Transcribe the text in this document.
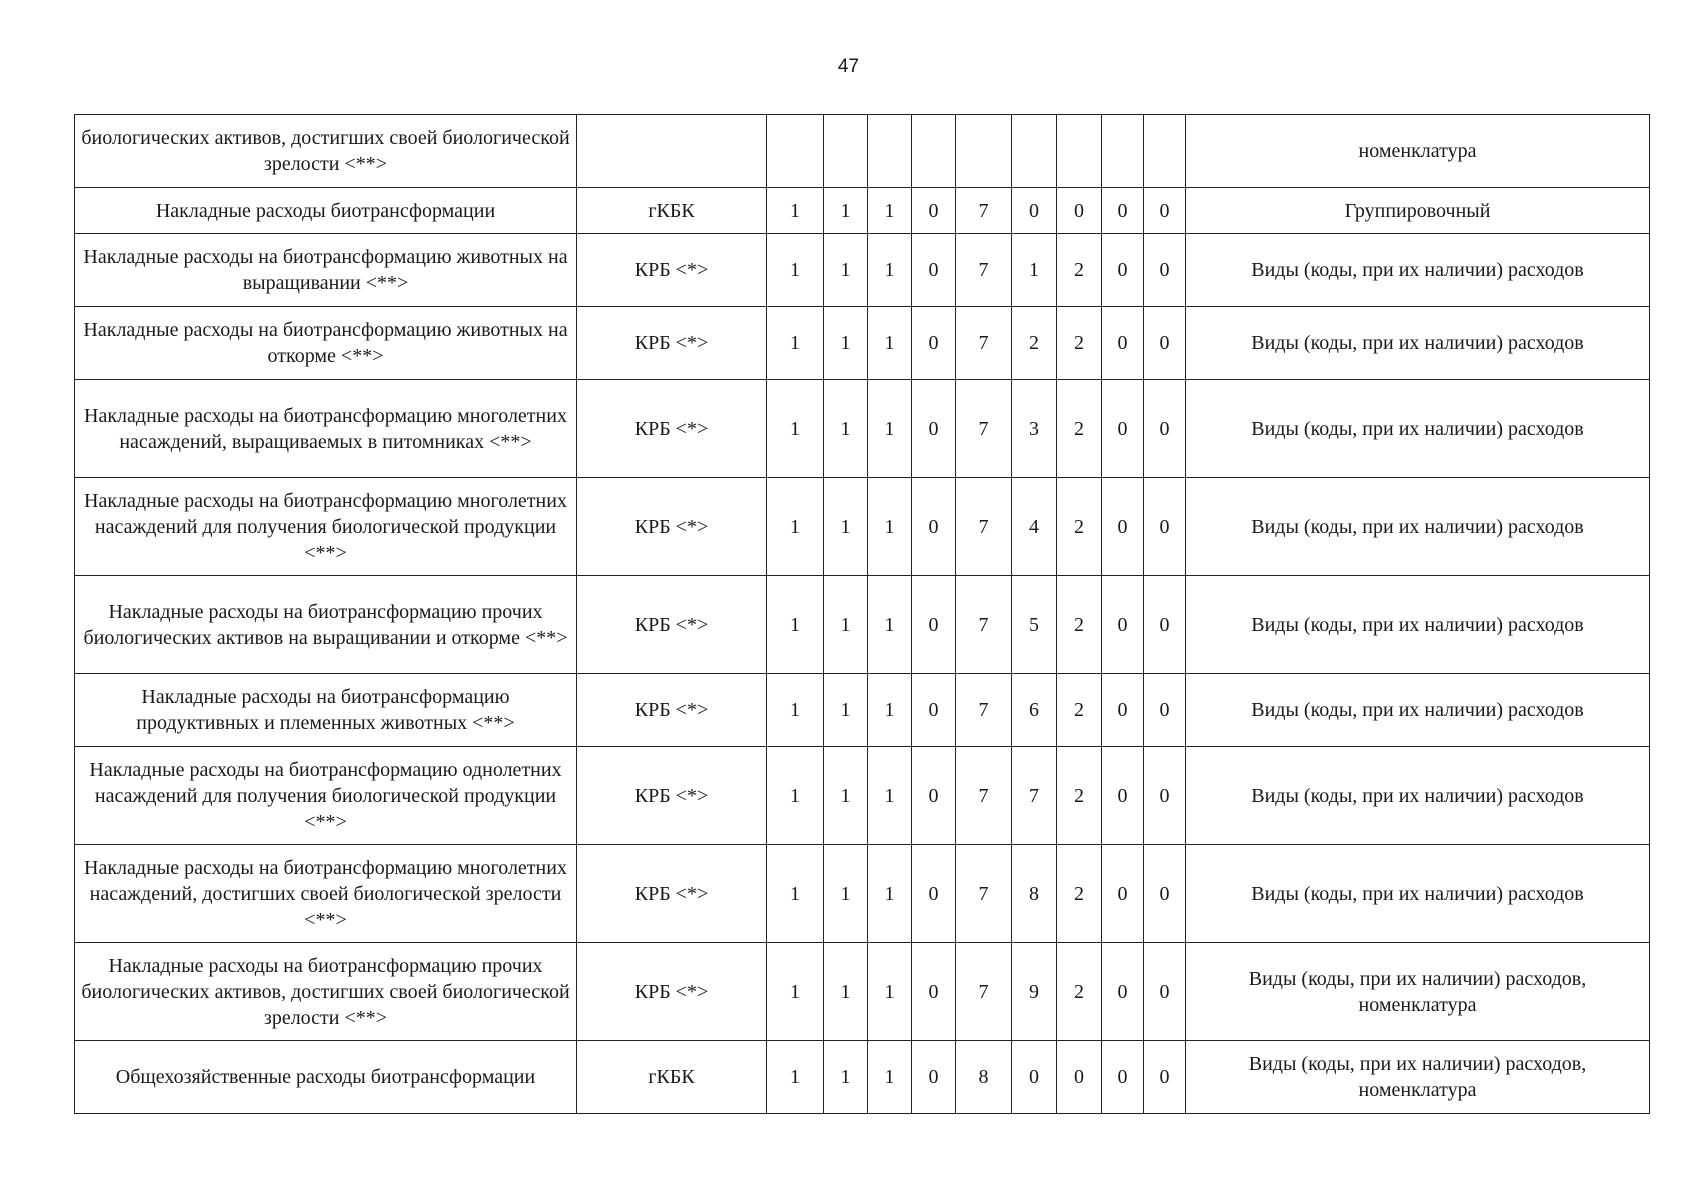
47
биологических активов, достигших своей биологической зрелости <**>											номенклатура
Накладные расходы биотрансформации	гКБК	1	1	1	0	7	0	0	0	0	Группировочный
Накладные расходы на биотрансформацию животных на выращивании <**>	КРБ <*>	1	1	1	0	7	1	2	0	0	Виды (коды, при их наличии) расходов
Накладные расходы на биотрансформацию животных на откорме <**>	КРБ <*>	1	1	1	0	7	2	2	0	0	Виды (коды, при их наличии) расходов
Накладные расходы на биотрансформацию многолетних насаждений, выращиваемых в питомниках <**>	КРБ <*>	1	1	1	0	7	3	2	0	0	Виды (коды, при их наличии) расходов
Накладные расходы на биотрансформацию многолетних насаждений для получения биологической продукции <**>	КРБ <*>	1	1	1	0	7	4	2	0	0	Виды (коды, при их наличии) расходов
Накладные расходы на биотрансформацию прочих биологических активов на выращивании и откорме <**>	КРБ <*>	1	1	1	0	7	5	2	0	0	Виды (коды, при их наличии) расходов
Накладные расходы на биотрансформацию продуктивных и племенных животных <**>	КРБ <*>	1	1	1	0	7	6	2	0	0	Виды (коды, при их наличии) расходов
Накладные расходы на биотрансформацию однолетних насаждений для получения биологической продукции <**>	КРБ <*>	1	1	1	0	7	7	2	0	0	Виды (коды, при их наличии) расходов
Накладные расходы на биотрансформацию многолетних насаждений, достигших своей биологической зрелости <**>	КРБ <*>	1	1	1	0	7	8	2	0	0	Виды (коды, при их наличии) расходов
Накладные расходы на биотрансформацию прочих биологических активов, достигших своей биологической зрелости <**>	КРБ <*>	1	1	1	0	7	9	2	0	0	Виды (коды, при их наличии) расходов, номенклатура
Общехозяйственные расходы биотрансформации	гКБК	1	1	1	0	8	0	0	0	0	Виды (коды, при их наличии) расходов, номенклатура
